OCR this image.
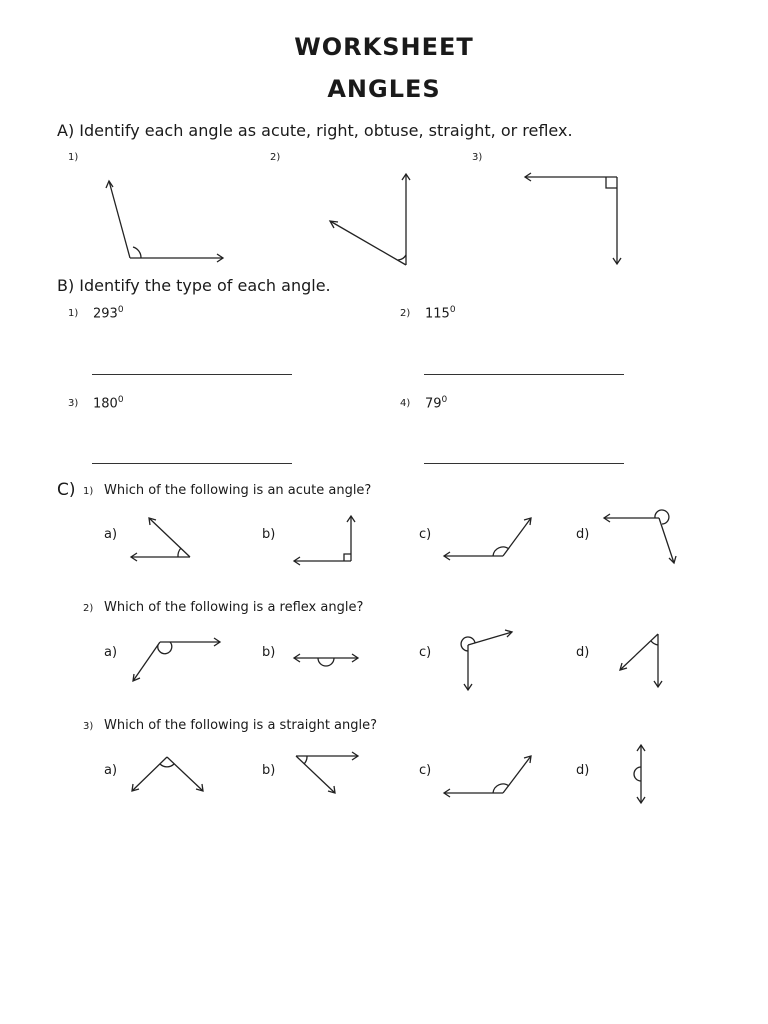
WORKSHEET
ANGLES
A) Identify each angle as acute, right, obtuse, straight, or reflex.
1)	2)	3)
B) Identify the type of each angle.
1) $293^0$	2) $115^0$
3) $180^0$	4) $79^0$
C) 1) Which of the following is an acute angle?
a)	b)	c)	d)
2) Which of the following is a reflex angle?
a)	b)	c)	d)
3) Which of the following is a straight angle?
a)	b)	c)	d)
